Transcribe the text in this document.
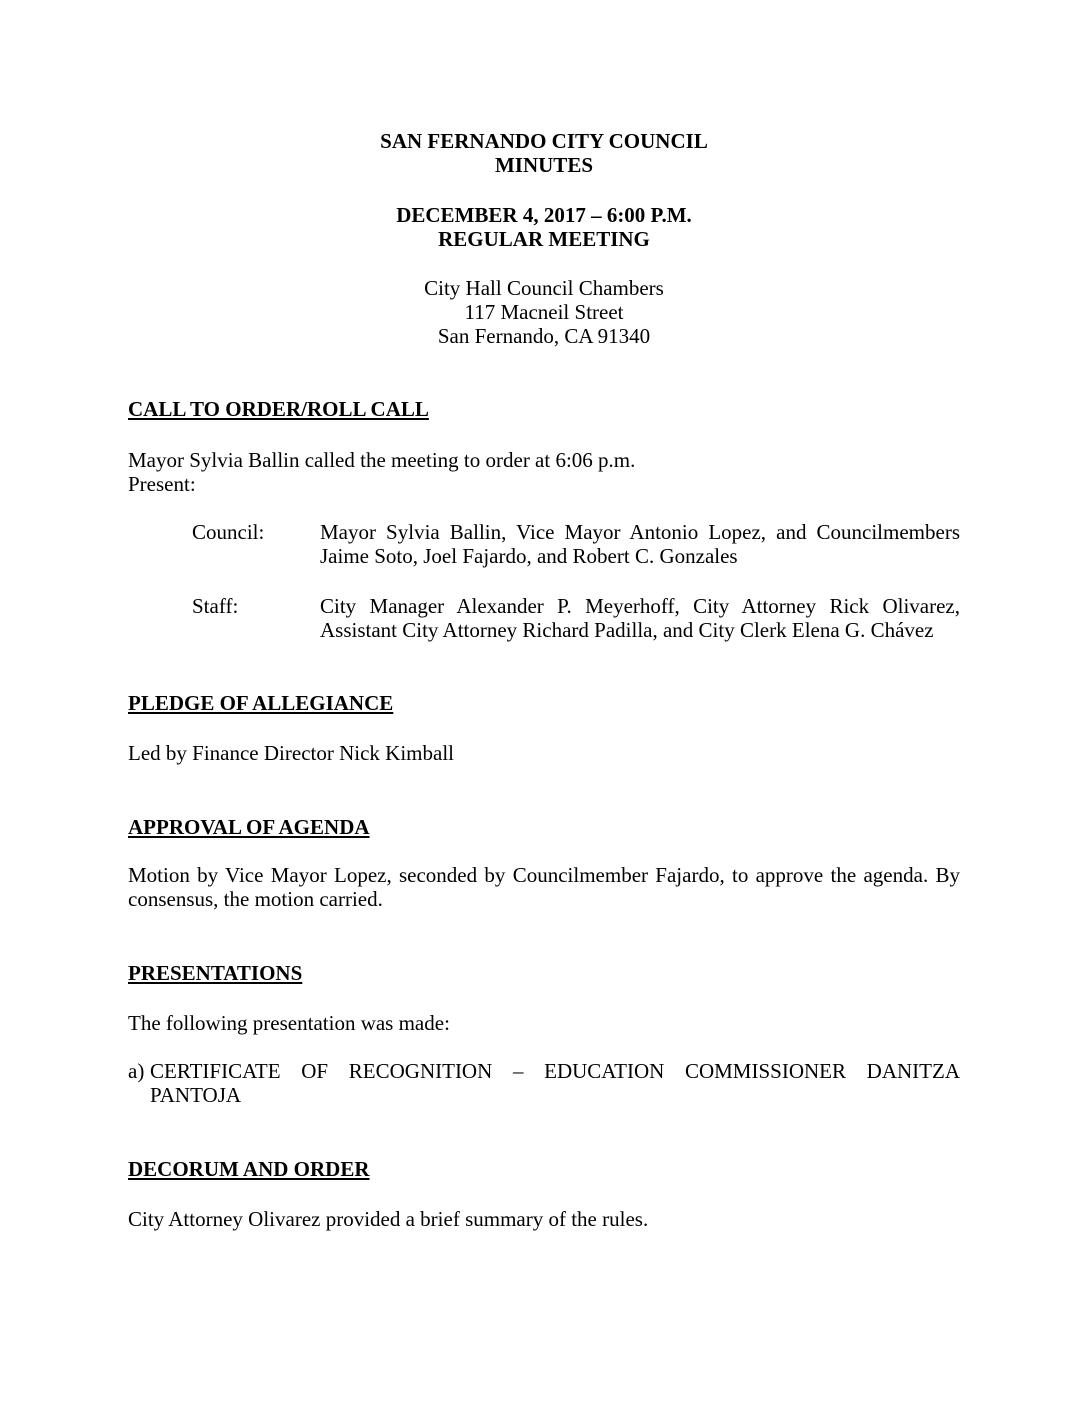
SAN FERNANDO CITY COUNCIL
MINUTES
DECEMBER 4, 2017 – 6:00 P.M.
REGULAR MEETING
City Hall Council Chambers
117 Macneil Street
San Fernando, CA 91340
CALL TO ORDER/ROLL CALL
Mayor Sylvia Ballin called the meeting to order at 6:06 p.m.
Present:
Council:	Mayor Sylvia Ballin, Vice Mayor Antonio Lopez, and Councilmembers Jaime Soto, Joel Fajardo, and Robert C. Gonzales
Staff:	City Manager Alexander P. Meyerhoff, City Attorney Rick Olivarez, Assistant City Attorney Richard Padilla, and City Clerk Elena G. Chávez
PLEDGE OF ALLEGIANCE
Led by Finance Director Nick Kimball
APPROVAL OF AGENDA
Motion by Vice Mayor Lopez, seconded by Councilmember Fajardo, to approve the agenda. By consensus, the motion carried.
PRESENTATIONS
The following presentation was made:
a) CERTIFICATE OF RECOGNITION – EDUCATION COMMISSIONER DANITZA PANTOJA
DECORUM AND ORDER
City Attorney Olivarez provided a brief summary of the rules.
